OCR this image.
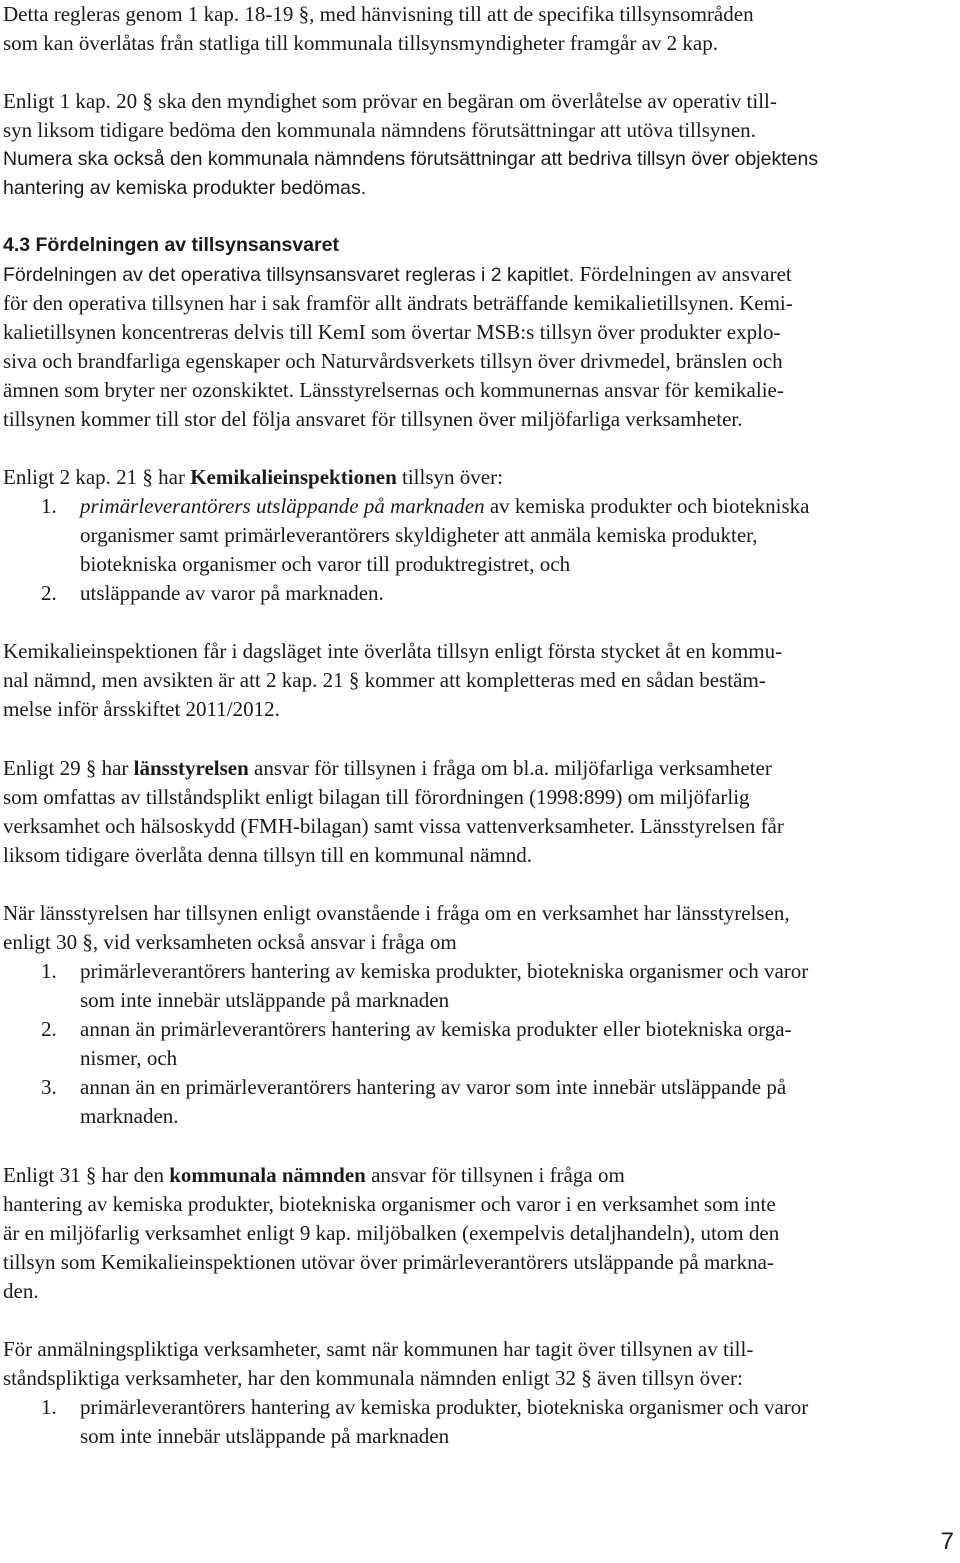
Detta regleras genom 1 kap. 18-19 §, med hänvisning till att de specifika tillsynsområden
som kan överlåtas från statliga till kommunala tillsynsmyndigheter framgår av 2 kap.
Enligt 1 kap. 20 § ska den myndighet som prövar en begäran om överlåtelse av operativ till-
syn liksom tidigare bedöma den kommunala nämndens förutsättningar att utöva tillsynen.
Numera ska också den kommunala nämndens förutsättningar att bedriva tillsyn över objektens
hantering av kemiska produkter bedömas.
4.3 Fördelningen av tillsynsansvaret
Fördelningen av det operativa tillsynsansvaret regleras i 2 kapitlet. Fördelningen av ansvaret
för den operativa tillsynen har i sak framför allt ändrats beträffande kemikalietillsynen. Kemi-
kalietillsynen koncentreras delvis till KemI som övertar MSB:s tillsyn över produkter explo-
siva och brandfarliga egenskaper och Naturvårdsverkets tillsyn över drivmedel, bränslen och
ämnen som bryter ner ozonskiktet. Länsstyrelsernas och kommunernas ansvar för kemikalie-
tillsynen kommer till stor del följa ansvaret för tillsynen över miljöfarliga verksamheter.
Enligt 2 kap. 21 § har Kemikalieinspektionen tillsyn över:
1. primärleverantörers utsläppande på marknaden av kemiska produkter och biotekniska
organismer samt primärleverantörers skyldigheter att anmäla kemiska produkter,
biotekniska organismer och varor till produktregistret, och
2. utsläppande av varor på marknaden.
Kemikalieinspektionen får i dagsläget inte överlåta tillsyn enligt första stycket åt en kommu-
nal nämnd, men avsikten är att 2 kap. 21 § kommer att kompletteras med en sådan bestäm-
melse inför årsskiftet 2011/2012.
Enligt 29 § har länsstyrelsen ansvar för tillsynen i fråga om bl.a. miljöfarliga verksamheter
som omfattas av tillståndsplikt enligt bilagan till förordningen (1998:899) om miljöfarlig
verksamhet och hälsoskydd (FMH-bilagan) samt vissa vattenverksamheter. Länsstyrelsen får
liksom tidigare överlåta denna tillsyn till en kommunal nämnd.
När länsstyrelsen har tillsynen enligt ovanstående i fråga om en verksamhet har länsstyrelsen,
enligt 30 §, vid verksamheten också ansvar i fråga om
1. primärleverantörers hantering av kemiska produkter, biotekniska organismer och varor
som inte innebär utsläppande på marknaden
2. annan än primärleverantörers hantering av kemiska produkter eller biotekniska orga-
nismer, och
3. annan än en primärleverantörers hantering av varor som inte innebär utsläppande på
marknaden.
Enligt 31 § har den kommunala nämnden ansvar för tillsynen i fråga om
hantering av kemiska produkter, biotekniska organismer och varor i en verksamhet som inte
är en miljöfarlig verksamhet enligt 9 kap. miljöbalken (exempelvis detaljhandeln), utom den
tillsyn som Kemikalieinspektionen utövar över primärleverantörers utsläppande på markna-
den.
För anmälningspliktiga verksamheter, samt när kommunen har tagit över tillsynen av till-
ståndspliktiga verksamheter, har den kommunala nämnden enligt 32 § även tillsyn över:
1. primärleverantörers hantering av kemiska produkter, biotekniska organismer och varor
som inte innebär utsläppande på marknaden
7
